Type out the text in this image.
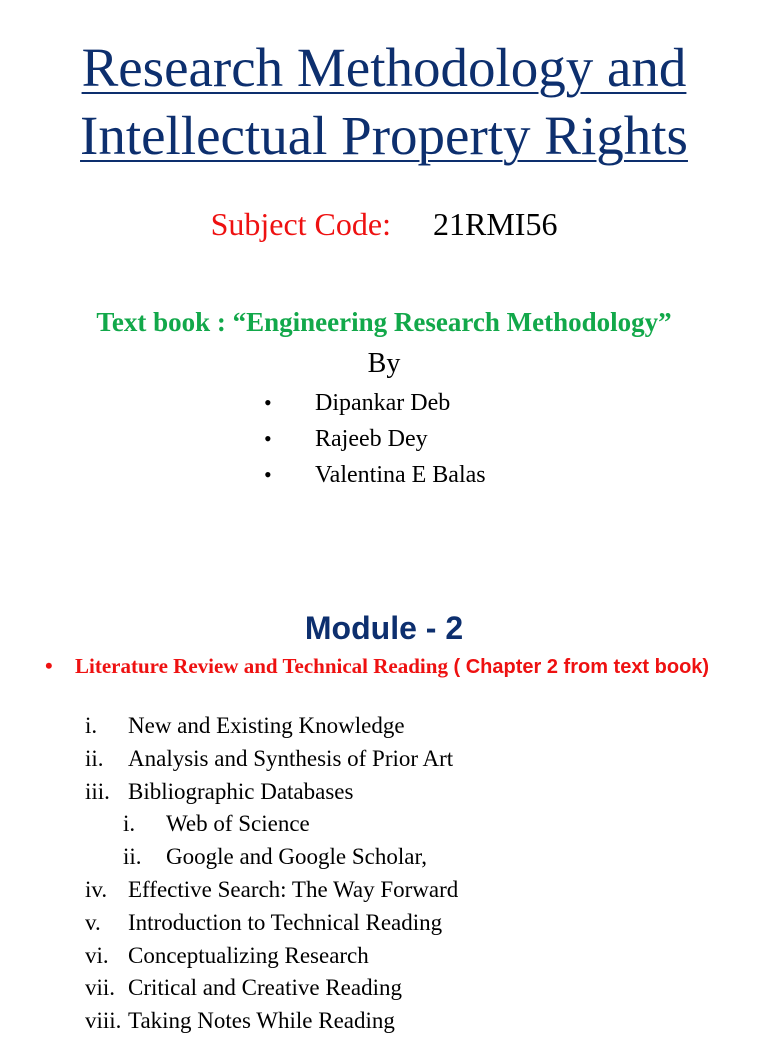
Research Methodology and
Intellectual Property Rights
Subject Code: 21RMI56
Text book : “Engineering Research Methodology”
By
• Dipankar Deb
• Rajeeb Dey
• Valentina E Balas
Module - 2
• Literature Review and Technical Reading ( Chapter 2 from text book)
i. New and Existing Knowledge
ii. Analysis and Synthesis of Prior Art
iii. Bibliographic Databases
i. Web of Science
ii. Google and Google Scholar,
iv. Effective Search: The Way Forward
v. Introduction to Technical Reading
vi. Conceptualizing Research
vii. Critical and Creative Reading
viii. Taking Notes While Reading
